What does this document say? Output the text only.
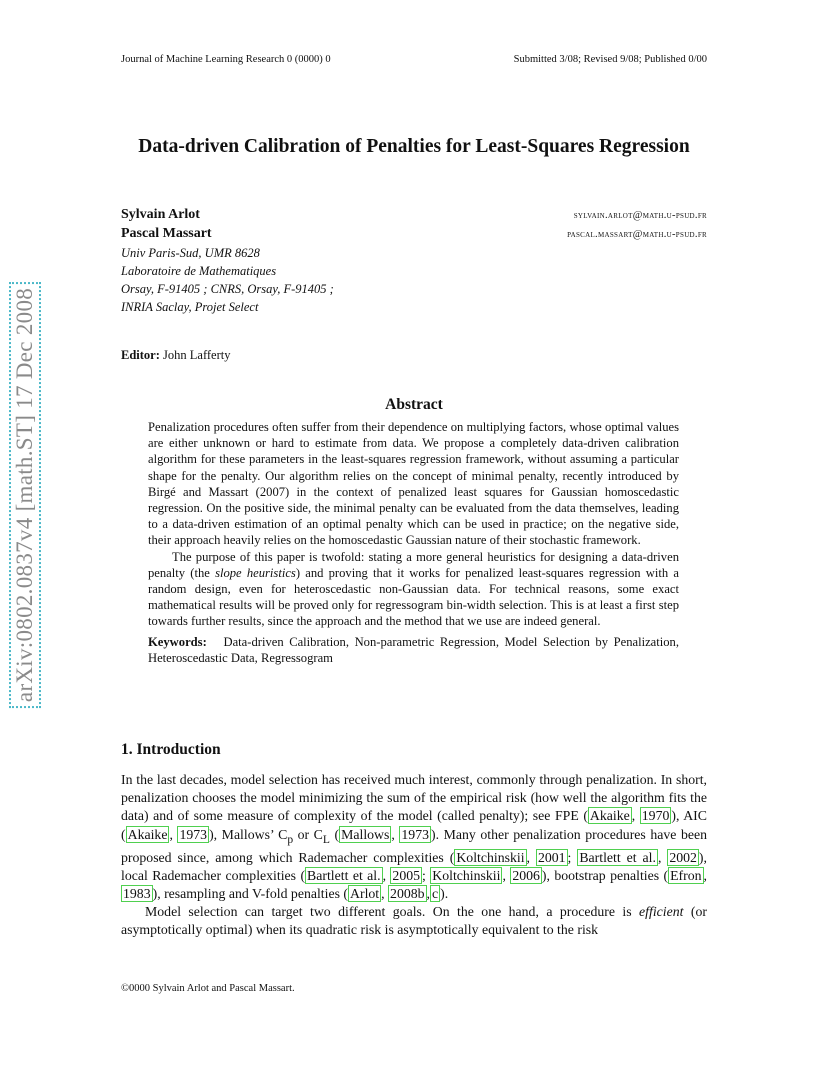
Journal of Machine Learning Research 0 (0000) 0	Submitted 3/08; Revised 9/08; Published 0/00
arXiv:0802.0837v4 [math.ST] 17 Dec 2008
Data-driven Calibration of Penalties for Least-Squares Regression
Sylvain Arlot	sylvain.arlot@math.u-psud.fr
Pascal Massart	pascal.massart@math.u-psud.fr
Univ Paris-Sud, UMR 8628
Laboratoire de Mathematiques
Orsay, F-91405 ; CNRS, Orsay, F-91405 ;
INRIA Saclay, Projet Select
Editor: John Lafferty
Abstract

Penalization procedures often suffer from their dependence on multiplying factors, whose optimal values are either unknown or hard to estimate from data. We propose a completely data-driven calibration algorithm for these parameters in the least-squares regression framework, without assuming a particular shape for the penalty. Our algorithm relies on the concept of minimal penalty, recently introduced by Birgé and Massart (2007) in the context of penalized least squares for Gaussian homoscedastic regression. On the positive side, the minimal penalty can be evaluated from the data themselves, leading to a data-driven estimation of an optimal penalty which can be used in practice; on the negative side, their approach heavily relies on the homoscedastic Gaussian nature of their stochastic framework.

The purpose of this paper is twofold: stating a more general heuristics for designing a data-driven penalty (the slope heuristics) and proving that it works for penalized least-squares regression with a random design, even for heteroscedastic non-Gaussian data. For technical reasons, some exact mathematical results will be proved only for regressogram bin-width selection. This is at least a first step towards further results, since the approach and the method that we use are indeed general.

Keywords: Data-driven Calibration, Non-parametric Regression, Model Selection by Penalization, Heteroscedastic Data, Regressogram

1. Introduction

In the last decades, model selection has received much interest, commonly through penalization. In short, penalization chooses the model minimizing the sum of the empirical risk (how well the algorithm fits the data) and of some measure of complexity of the model (called penalty); see FPE ( Akaike , 1970 ), AIC ( Akaike , 1973 ), Mallows’ $C_p$ or $C_L$ ( Mallows , 1973 ). Many other penalization procedures have been proposed since, among which Rademacher complexities ( Koltchinskii , 2001 ; Bartlett et al. , 2002 ), local Rademacher complexities ( Bartlett et al. , 2005 ; Koltchinskii , 2006 ), bootstrap penalties ( Efron , 1983 ), resampling and V-fold penalties ( Arlot , 2008b , c ).

Model selection can target two different goals. On the one hand, a procedure is efficient (or asymptotically optimal) when its quadratic risk is asymptotically equivalent to the risk

©0000 Sylvain Arlot and Pascal Massart.
